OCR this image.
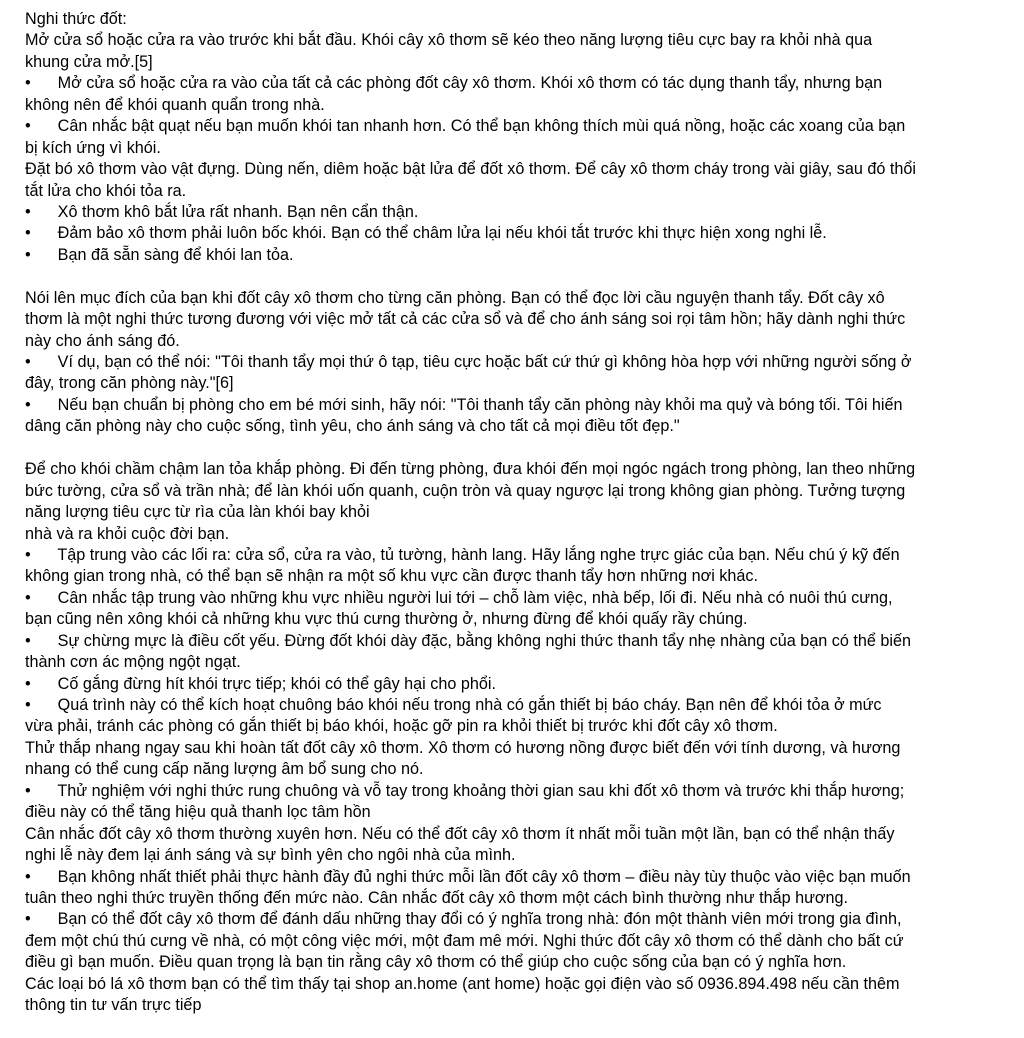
Nghi thức đốt:
Mở cửa sổ hoặc cửa ra vào trước khi bắt đầu. Khói cây xô thơm sẽ kéo theo năng lượng tiêu cực bay ra khỏi nhà qua
khung cửa mở.[5]
•      Mở cửa sổ hoặc cửa ra vào của tất cả các phòng đốt cây xô thơm. Khói xô thơm có tác dụng thanh tẩy, nhưng bạn
không nên để khói quanh quẩn trong nhà.
•      Cân nhắc bật quạt nếu bạn muốn khói tan nhanh hơn. Có thể bạn không thích mùi quá nồng, hoặc các xoang của bạn
bị kích ứng vì khói.
Đặt bó xô thơm vào vật đựng. Dùng nến, diêm hoặc bật lửa để đốt xô thơm. Để cây xô thơm cháy trong vài giây, sau đó thổi
tắt lửa cho khói tỏa ra.
•      Xô thơm khô bắt lửa rất nhanh. Bạn nên cẩn thận.
•      Đảm bảo xô thơm phải luôn bốc khói. Bạn có thể châm lửa lại nếu khói tắt trước khi thực hiện xong nghi lễ.
•      Bạn đã sẵn sàng để khói lan tỏa.
Nói lên mục đích của bạn khi đốt cây xô thơm cho từng căn phòng. Bạn có thể đọc lời cầu nguyện thanh tẩy. Đốt cây xô
thơm là một nghi thức tương đương với việc mở tất cả các cửa sổ và để cho ánh sáng soi rọi tâm hồn; hãy dành nghi thức
này cho ánh sáng đó.
•      Ví dụ, bạn có thể nói: "Tôi thanh tẩy mọi thứ ô tạp, tiêu cực hoặc bất cứ thứ gì không hòa hợp với những người sống ở
đây, trong căn phòng này."[6]
•      Nếu bạn chuẩn bị phòng cho em bé mới sinh, hãy nói: "Tôi thanh tẩy căn phòng này khỏi ma quỷ và bóng tối. Tôi hiến
dâng căn phòng này cho cuộc sống, tình yêu, cho ánh sáng và cho tất cả mọi điều tốt đẹp."
Để cho khói chầm chậm lan tỏa khắp phòng. Đi đến từng phòng, đưa khói đến mọi ngóc ngách trong phòng, lan theo những
bức tường, cửa sổ và trần nhà; để làn khói uốn quanh, cuộn tròn và quay ngược lại trong không gian phòng. Tưởng tượng
năng lượng tiêu cực từ rìa của làn khói bay khỏi
nhà và ra khỏi cuộc đời bạn.
•      Tập trung vào các lối ra: cửa sổ, cửa ra vào, tủ tường, hành lang. Hãy lắng nghe trực giác của bạn. Nếu chú ý kỹ đến
không gian trong nhà, có thể bạn sẽ nhận ra một số khu vực cần được thanh tẩy hơn những nơi khác.
•      Cân nhắc tập trung vào những khu vực nhiều người lui tới – chỗ làm việc, nhà bếp, lối đi. Nếu nhà có nuôi thú cưng,
bạn cũng nên xông khói cả những khu vực thú cưng thường ở, nhưng đừng để khói quấy rầy chúng.
•      Sự chừng mực là điều cốt yếu. Đừng đốt khói dày đặc, bằng không nghi thức thanh tẩy nhẹ nhàng của bạn có thể biến
thành cơn ác mộng ngột ngạt.
•      Cố gắng đừng hít khói trực tiếp; khói có thể gây hại cho phổi.
•      Quá trình này có thể kích hoạt chuông báo khói nếu trong nhà có gắn thiết bị báo cháy. Bạn nên để khói tỏa ở mức
vừa phải, tránh các phòng có gắn thiết bị báo khói, hoặc gỡ pin ra khỏi thiết bị trước khi đốt cây xô thơm.
Thử thắp nhang ngay sau khi hoàn tất đốt cây xô thơm. Xô thơm có hương nồng được biết đến với tính dương, và hương
nhang có thể cung cấp năng lượng âm bổ sung cho nó.
•      Thử nghiệm với nghi thức rung chuông và vỗ tay trong khoảng thời gian sau khi đốt xô thơm và trước khi thắp hương;
điều này có thể tăng hiệu quả thanh lọc tâm hồn
Cân nhắc đốt cây xô thơm thường xuyên hơn. Nếu có thể đốt cây xô thơm ít nhất mỗi tuần một lần, bạn có thể nhận thấy
nghi lễ này đem lại ánh sáng và sự bình yên cho ngôi nhà của mình.
•      Bạn không nhất thiết phải thực hành đầy đủ nghi thức mỗi lần đốt cây xô thơm – điều này tùy thuộc vào việc bạn muốn
tuân theo nghi thức truyền thống đến mức nào. Cân nhắc đốt cây xô thơm một cách bình thường như thắp hương.
•      Bạn có thể đốt cây xô thơm để đánh dấu những thay đổi có ý nghĩa trong nhà: đón một thành viên mới trong gia đình,
đem một chú thú cưng về nhà, có một công việc mới, một đam mê mới. Nghi thức đốt cây xô thơm có thể dành cho bất cứ
điều gì bạn muốn. Điều quan trọng là bạn tin rằng cây xô thơm có thể giúp cho cuộc sống của bạn có ý nghĩa hơn.
Các loại bó lá xô thơm bạn có thể tìm thấy tại shop an.home (ant home) hoặc gọi điện vào số 0936.894.498 nếu cần thêm
thông tin tư vấn trực tiếp
